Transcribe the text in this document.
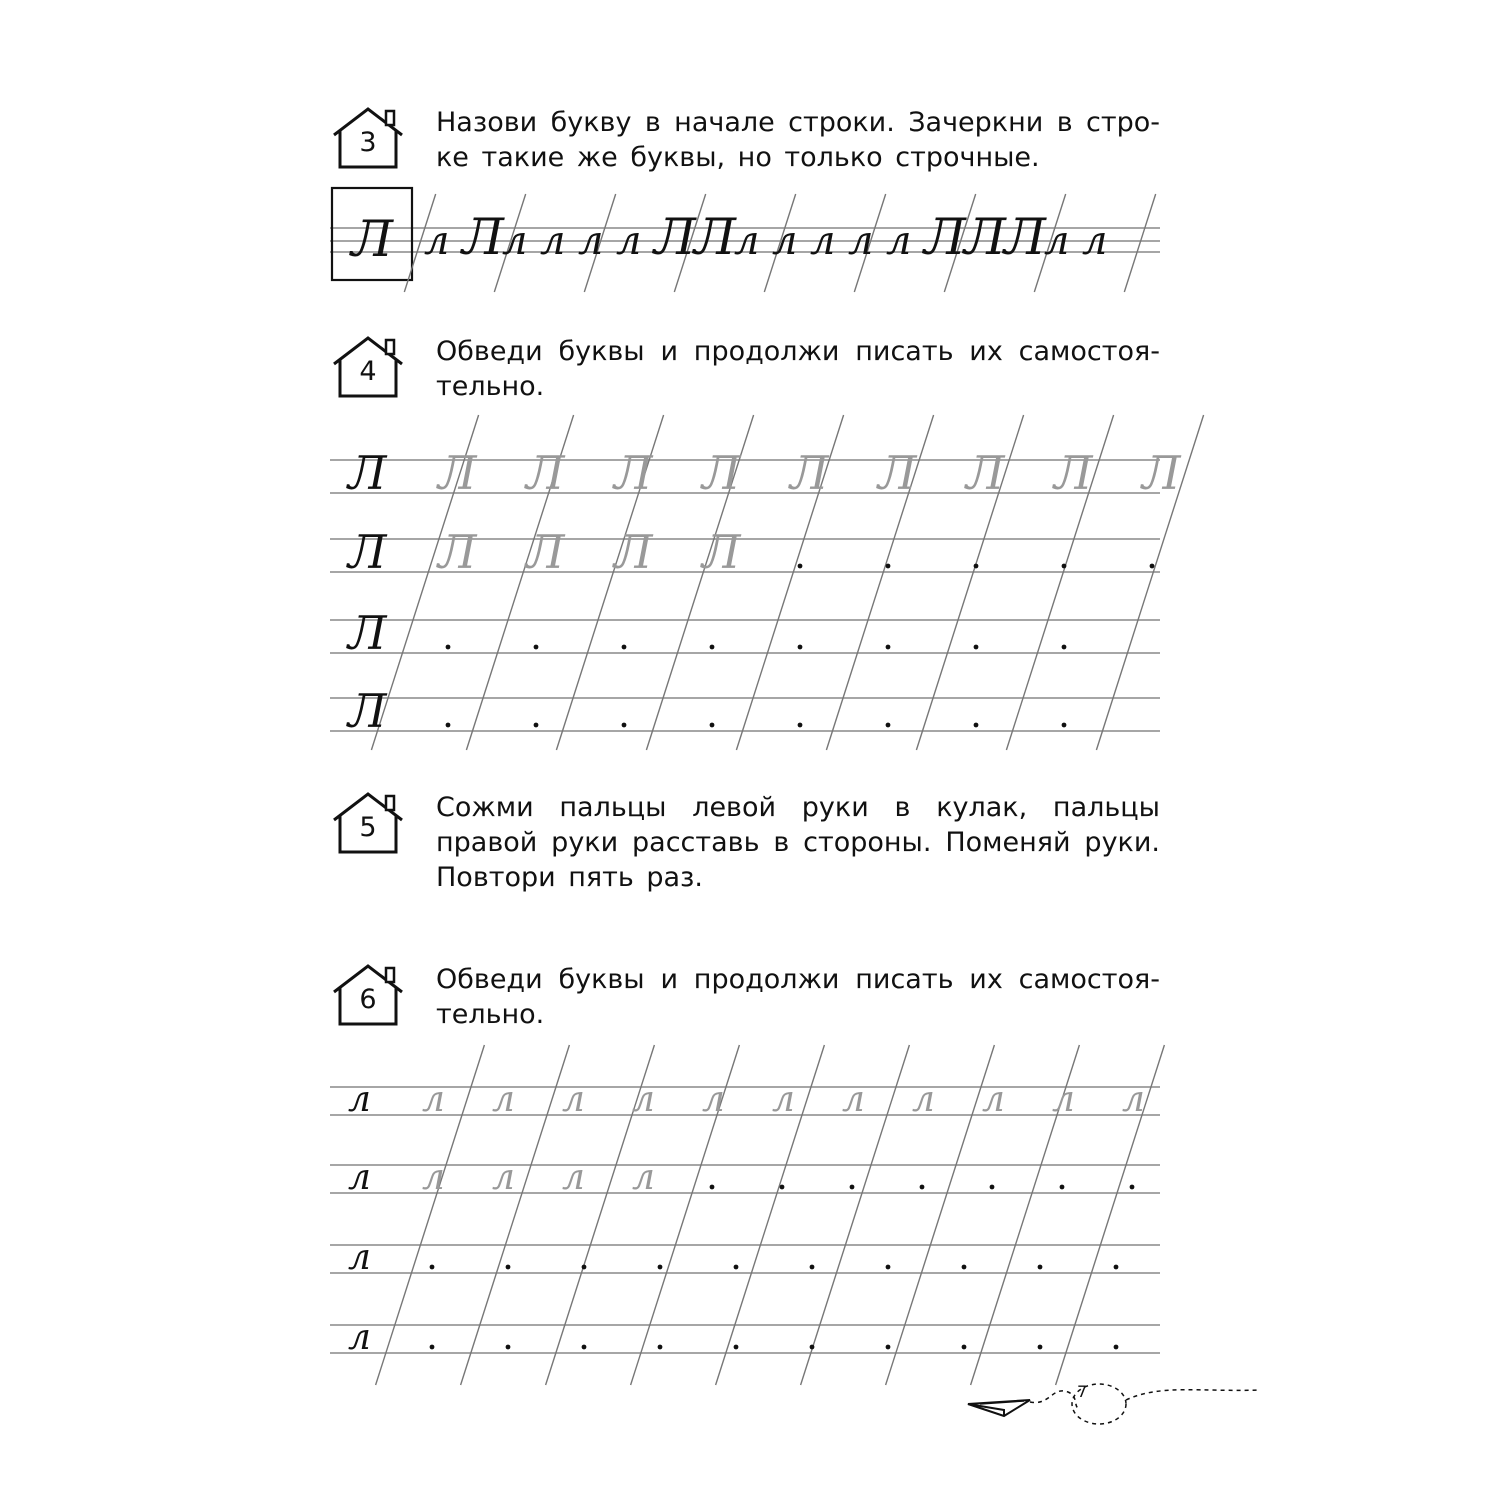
3
Назови букву в начале строки. Зачеркни в стро-ке такие же буквы, но только строчные.
Л л Л
л л л л Л
Л
л л л л л Л
Л
Л
л л
4
Обведи буквы и продолжи писать их самостоя-тельно.
Л Л Л Л Л Л Л Л Л Л
Л Л Л Л Л
Л
Л
5
Сожми пальцы левой руки в кулак, пальцы правой руки расставь в стороны. Поменяй руки. Повтори пять раз.
6
Обведи буквы и продолжи писать их самостоя-тельно.
л л л л л л л л л л л л
л л л л л
л
л
7
